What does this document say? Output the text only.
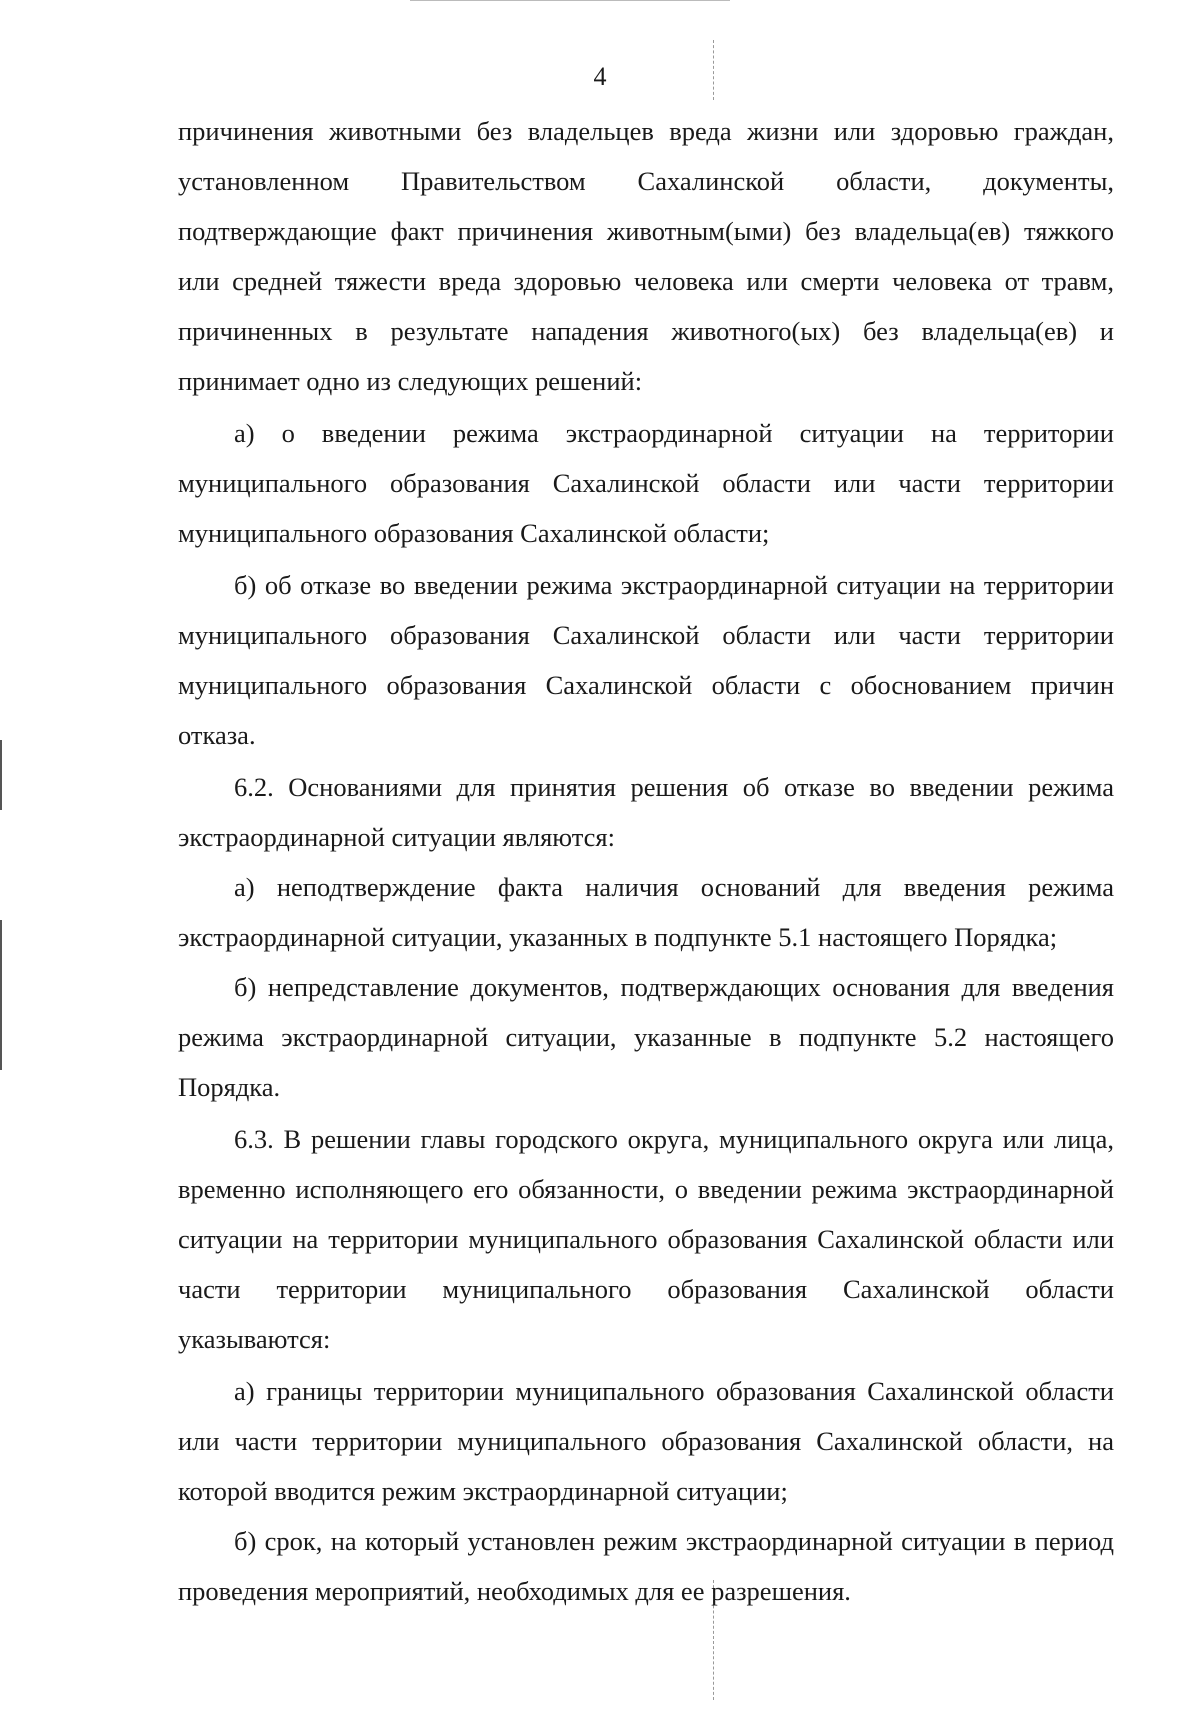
4

причинения животными без владельцев вреда жизни или здоровью граждан, установленном Правительством Сахалинской области, документы, подтверждающие факт причинения животным(ыми) без владельца(ев) тяжкого или средней тяжести вреда здоровью человека или смерти человека от травм, причиненных в результате нападения животного(ых) без владельца(ев) и принимает одно из следующих решений:

а) о введении режима экстраординарной ситуации на территории муниципального образования Сахалинской области или части территории муниципального образования Сахалинской области;

б) об отказе во введении режима экстраординарной ситуации на территории муниципального образования Сахалинской области или части территории муниципального образования Сахалинской области с обоснованием причин отказа.

6.2. Основаниями для принятия решения об отказе во введении режима экстраординарной ситуации являются:

а) неподтверждение факта наличия оснований для введения режима экстраординарной ситуации, указанных в подпункте 5.1 настоящего Порядка;

б) непредставление документов, подтверждающих основания для введения режима экстраординарной ситуации, указанные в подпункте 5.2 настоящего Порядка.

6.3. В решении главы городского округа, муниципального округа или лица, временно исполняющего его обязанности, о введении режима экстраординарной ситуации на территории муниципального образования Сахалинской области или части территории муниципального образования Сахалинской области указываются:

а) границы территории муниципального образования Сахалинской области или части территории муниципального образования Сахалинской области, на которой вводится режим экстраординарной ситуации;

б) срок, на который установлен режим экстраординарной ситуации в период проведения мероприятий, необходимых для ее разрешения.
